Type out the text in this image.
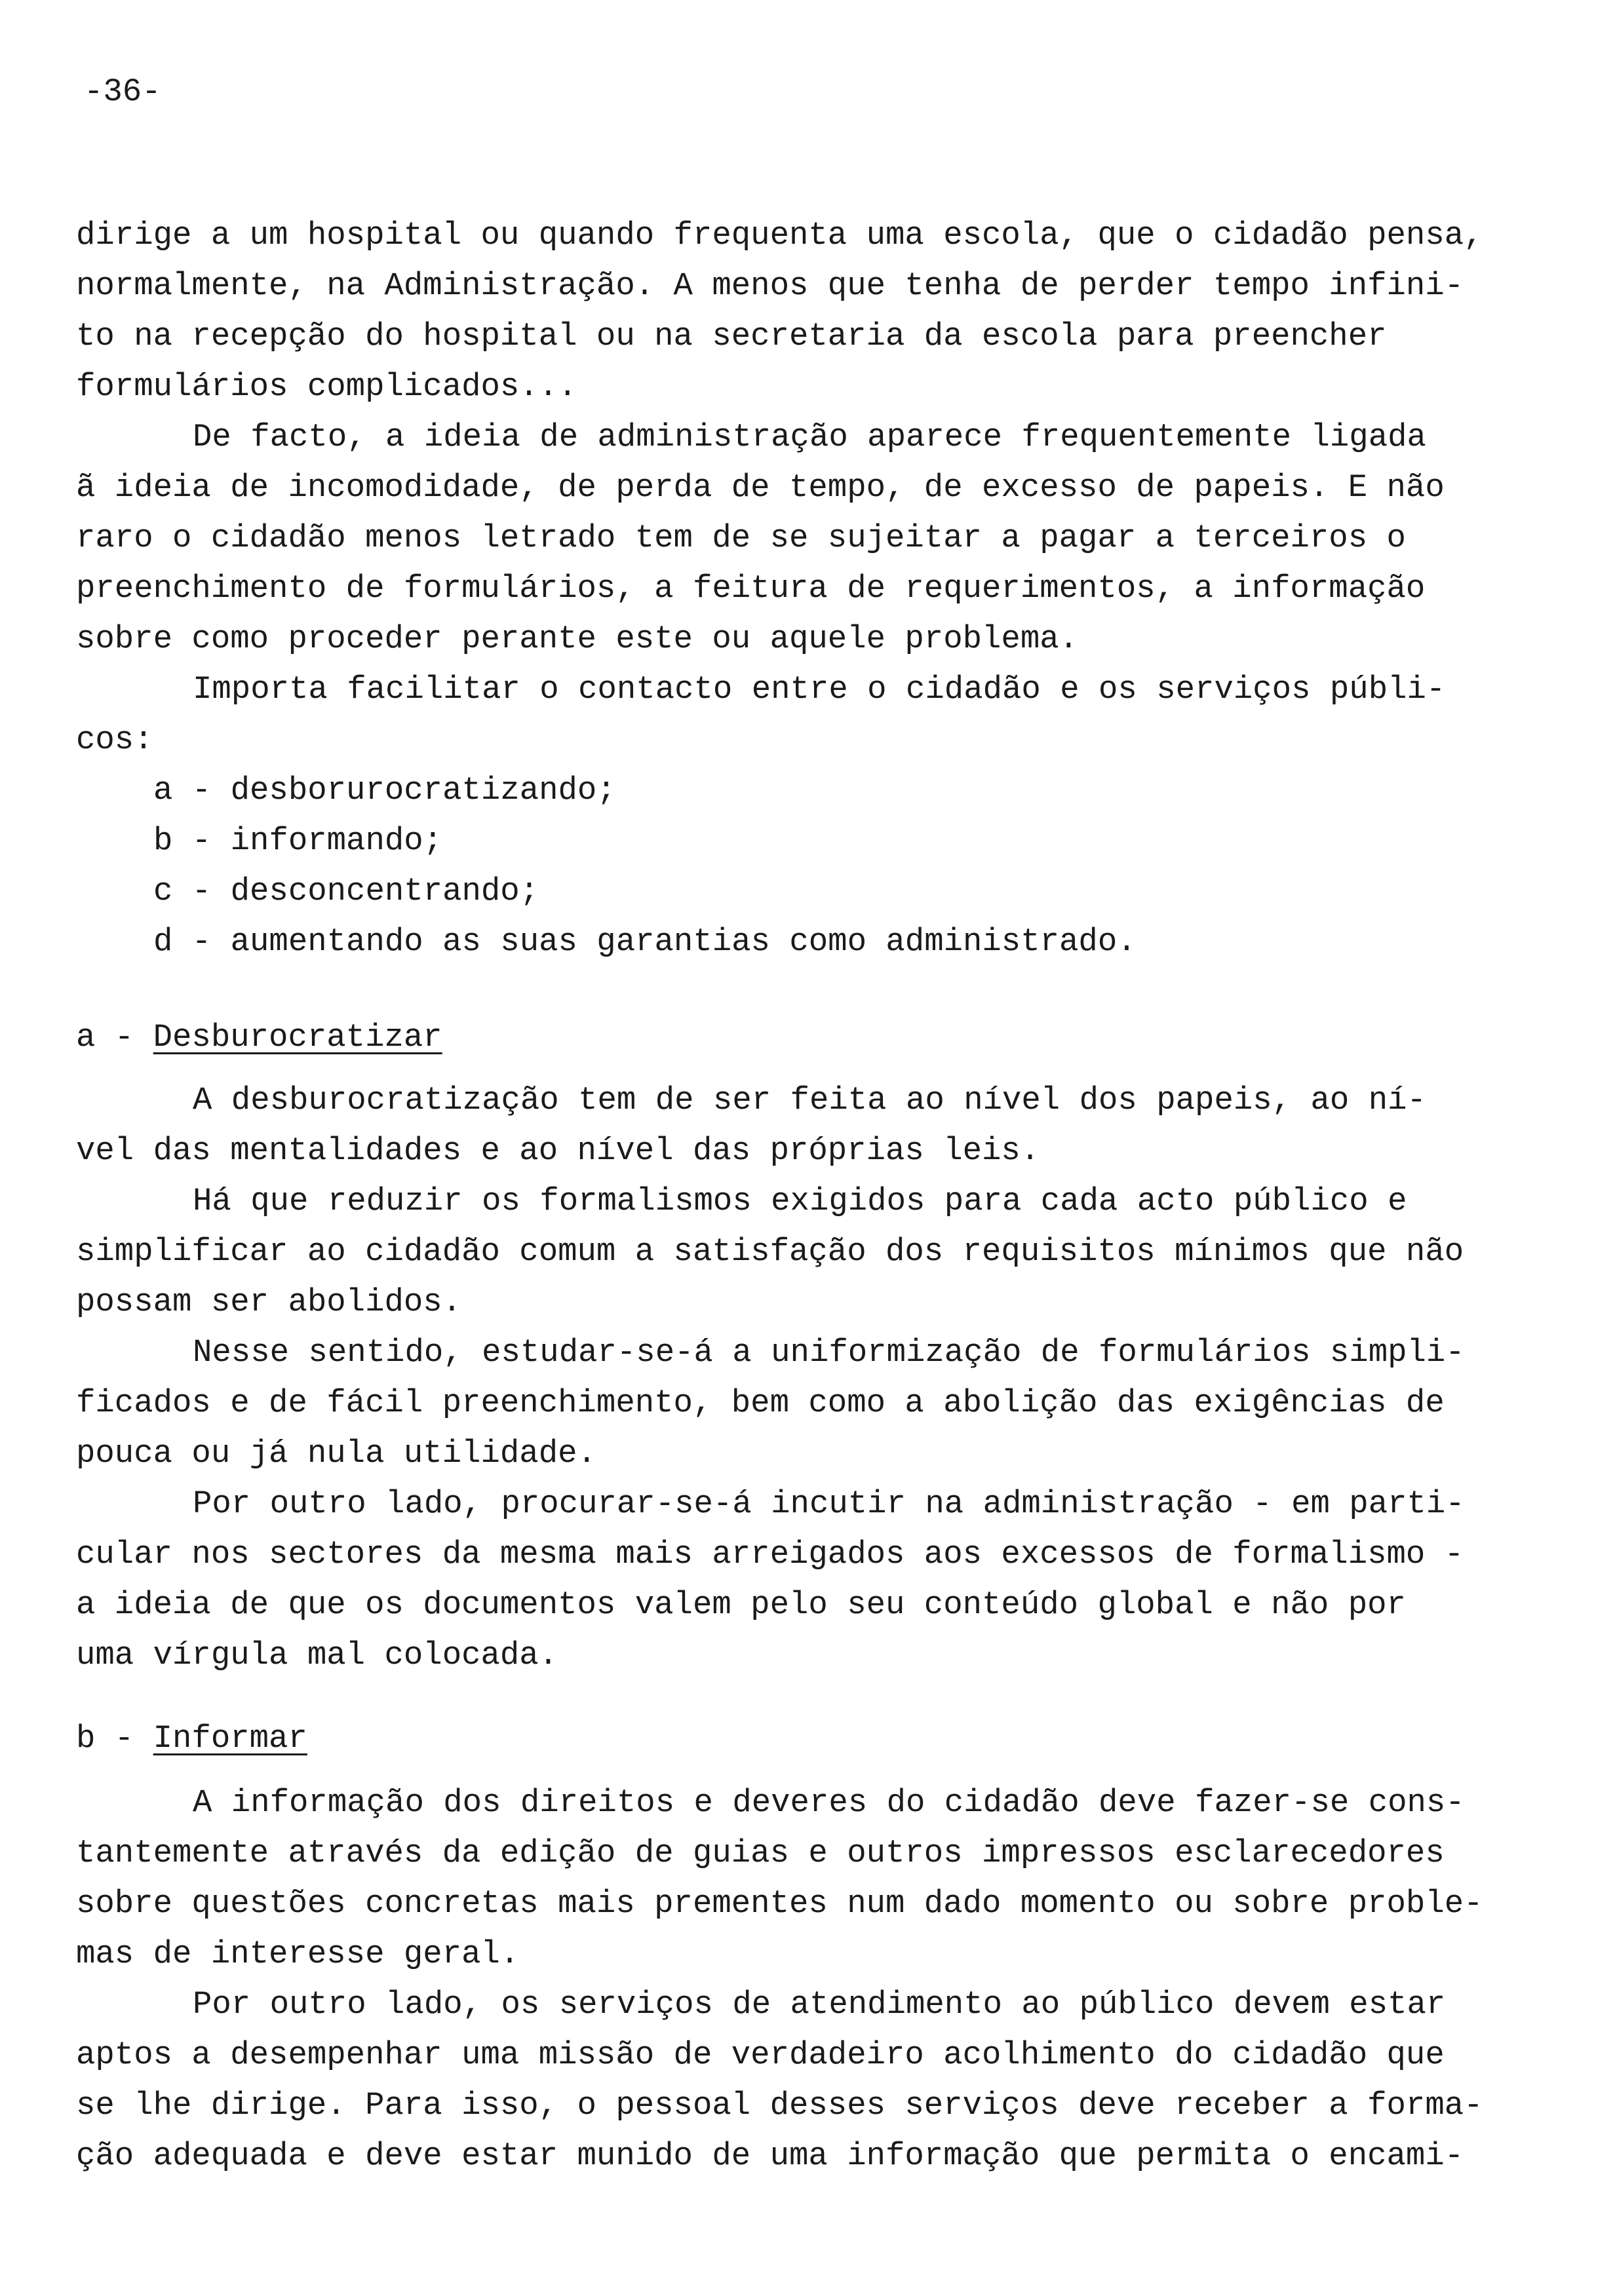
-36-
dirige a um hospital ou quando frequenta uma escola, que o cidadão pensa,
normalmente, na Administração. A menos que tenha de perder tempo infini-
to na recepção do hospital ou na secretaria da escola para preencher
formulários complicados...
De facto, a ideia de administração aparece frequentemente ligada
ã ideia de incomodidade, de perda de tempo, de excesso de papeis. E não
raro o cidadão menos letrado tem de se sujeitar a pagar a terceiros o
preenchimento de formulários, a feitura de requerimentos, a informação
sobre como proceder perante este ou aquele problema.
Importa facilitar o contacto entre o cidadão e os serviços públi-
cos:
a - desborurocratizando;
b - informando;
c - desconcentrando;
d - aumentando as suas garantias como administrado.
a - Desburocratizar
A desburocratização tem de ser feita ao nível dos papeis, ao ní-
vel das mentalidades e ao nível das próprias leis.
Há que reduzir os formalismos exigidos para cada acto público e
simplificar ao cidadão comum a satisfação dos requisitos mínimos que não
possam ser abolidos.
Nesse sentido, estudar-se-á a uniformização de formulários simpli-
ficados e de fácil preenchimento, bem como a abolição das exigências de
pouca ou já nula utilidade.
Por outro lado, procurar-se-á incutir na administração - em parti-
cular nos sectores da mesma mais arreigados aos excessos de formalismo -
a ideia de que os documentos valem pelo seu conteúdo global e não por
uma vírgula mal colocada.
b - Informar
A informação dos direitos e deveres do cidadão deve fazer-se cons-
tantemente através da edição de guias e outros impressos esclarecedores
sobre questões concretas mais prementes num dado momento ou sobre proble-
mas de interesse geral.
Por outro lado, os serviços de atendimento ao público devem estar
aptos a desempenhar uma missão de verdadeiro acolhimento do cidadão que
se lhe dirige. Para isso, o pessoal desses serviços deve receber a forma-
ção adequada e deve estar munido de uma informação que permita o encami-
